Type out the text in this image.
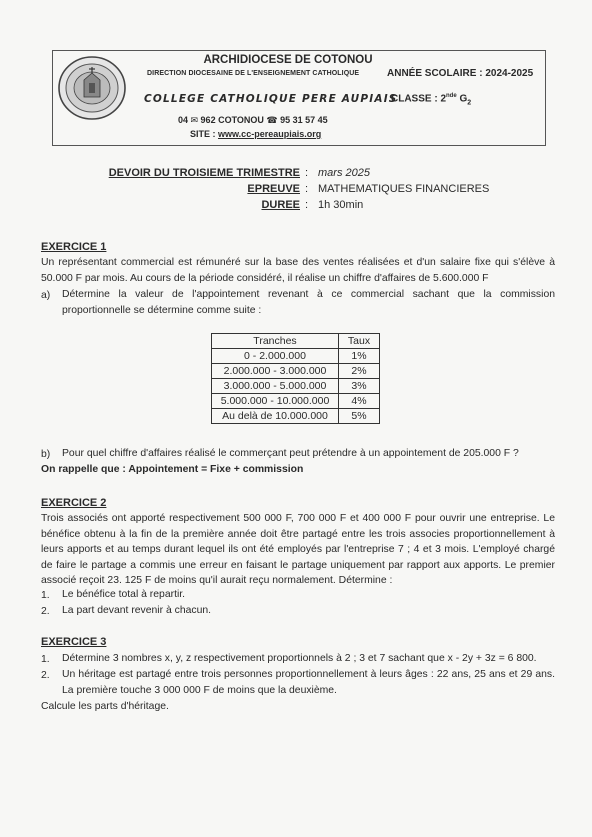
ARCHIDIOCESE DE COTONOU
DIRECTION DIOCESAINE DE L'ENSEIGNEMENT CATHOLIQUE	ANNÉE SCOLAIRE : 2024-2025
COLLEGE CATHOLIQUE PERE AUPIAIS
CLASSE : 2nde $G_2$
04 ✉ 962 COTONOU ☎ 95 31 57 45
SITE : www.cc-pereaupiais.org
DEVOIR DU TROISIEME TRIMESTRE : mars 2025
EPREUVE : MATHEMATIQUES FINANCIERES
DUREE : 1h 30min
EXERCICE 1

Un représentant commercial est rémunéré sur la base des ventes réalisées et d'un salaire fixe qui s'élève à 50.000 F par mois. Au cours de la période considéré, il réalise un chiffre d'affaires de 5.600.000 F

a) Détermine la valeur de l'appointement revenant à ce commercial sachant que la commission proportionnelle se détermine comme suite :

Tranches	Taux
0 - 2.000.000	1%
2.000.000 - 3.000.000	2%
3.000.000 - 5.000.000	3%
5.000.000 - 10.000.000	4%
Au delà de 10.000.000	5%
b) Pour quel chiffre d'affaires réalisé le commerçant peut prétendre à un appointement de 205.000 F ?

On rappelle que : Appointement = Fixe + commission
EXERCICE 2

Trois associés ont apporté respectivement 500 000 F, 700 000 F et 400 000 F pour ouvrir une entreprise. Le bénéfice obtenu à la fin de la première année doit être partagé entre les trois associes proportionnellement à leurs apports et au temps durant lequel ils ont été employés par l'entreprise 7 ; 4 et 3 mois. L'employé chargé de faire le partage a commis une erreur en faisant le partage uniquement par rapport aux apports. Le premier associé reçoit 23. 125 F de moins qu'il aurait reçu normalement. Détermine :

1. Le bénéfice total à repartir.

2. La part devant revenir à chacun.

EXERCICE 3
1. Détermine 3 nombres x, y, z respectivement proportionnels à 2 ; 3 et 7 sachant que x - 2y + 3z = 6 800.

2. Un héritage est partagé entre trois personnes proportionnellement à leurs âges : 22 ans, 25 ans et 29 ans. La première touche 3 000 000 F de moins que la deuxième.

Calcule les parts d'héritage.
